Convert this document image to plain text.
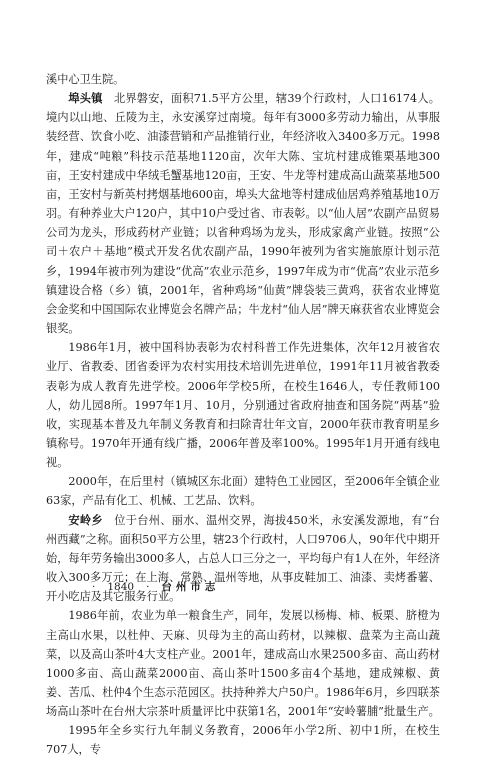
溪中心卫生院。

埠头镇  北界磐安，面积71.5平方公里，辖39个行政村，人口16174人。境内以山地、丘陵为主，永安溪穿过南境。每年有3000多劳动力输出，从事服装经营、饮食小吃、油漆营销和产品推销行业，年经济收入3400多万元。1998年，建成“吨粮”科技示范基地1120亩，次年大陈、宝坑村建成锥栗基地300亩，王安村建成中华绒毛蟹基地120亩，王安、牛龙等村建成高山蔬菜基地500亩，王安村与新英村拷烟基地600亩，埠头大盆地等村建成仙居鸡养殖基地10万羽。有种养业大户120户，其中10户受过省、市表彰。以“仙人居”农副产品贸易公司为龙头，形成药材产业链；以省种鸡场为龙头，形成家禽产业链。按照“公司＋农户＋基地”模式开发名优农副产品，1990年被列为省实施旅原计划示范乡，1994年被市列为建设“优高”农业示范乡，1997年成为市“优高”农业示范乡镇建设合格（乡）镇，2001年，省种鸡场“仙黄”牌袋装三黄鸡，获省农业博览会金奖和中国国际农业博览会名牌产品；牛龙村“仙人居”牌天麻获省农业博览会银奖。

1986年1月，被中国科协表彰为农村科普工作先进集体，次年12月被省农业厅、省教委、团省委评为农村实用技术培训先进单位，1991年11月被省教委表彰为成人教育先进学校。2006年学校5所，在校生1646人，专任教师100人，幼儿园8所。1997年1月、10月，分别通过省政府抽查和国务院“两基”验收，实现基本普及九年制义务教育和扫除青壮年文盲，2000年获市教育明星乡镇称号。1970年开通有线广播，2006年普及率100%。1995年1月开通有线电视。

2000年，在后里村（镇城区东北面）建特色工业园区，至2006年全镇企业63家，产品有化工、机械、工艺品、饮料。

安岭乡  位于台州、丽水、温州交界，海拔450米，永安溪发源地，有“台州西藏”之称。面积50平方公里，辖23个行政村，人口9706人，90年代中期开始，每年劳务输出3000多人，占总人口三分之一，平均每户有1人在外，年经济收入300多万元；在上海、常熟、温州等地，从事皮鞋加工、油漆、卖烤番薯、开小吃店及其它服务行业。

1986年前，农业为单一粮食生产，同年，发展以杨梅、柿、板栗、脐橙为主高山水果，以杜仲、天麻、贝母为主的高山药材，以辣椒、盘菜为主高山蔬菜，以及高山茶叶4大支柱产业。2001年，建成高山水果2500多亩、高山药材1000多亩、高山蔬菜2000亩、高山茶叶1500多亩4个基地，建成辣椒、黄姜、苦瓜、杜仲4个生态示范园区。扶持种养大户50户。1986年6月，乡四联茶场高山茶叶在台州大宗茶叶质量评比中获第1名，2001年“安岭薯脯”批量生产。

1995年全乡实行九年制义务教育，2006年小学2所、初中1所，在校生707人，专

· 1840 · 台州市志
